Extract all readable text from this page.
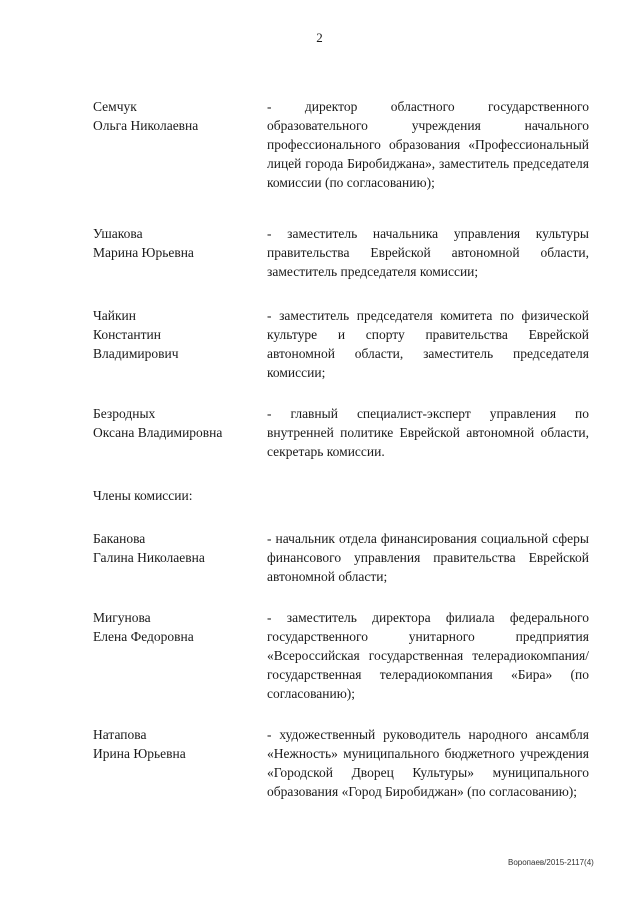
2
Семчук
Ольга Николаевна
- директор областного государственного образовательного учреждения начального профессионального образования «Профессиональный лицей города Биробиджана», заместитель председателя комиссии (по согласованию);
Ушакова
Марина Юрьевна
- заместитель начальника управления культуры правительства Еврейской автономной области, заместитель председателя комиссии;
Чайкин
Константин
Владимирович
- заместитель председателя комитета по физической культуре и спорту правительства Еврейской автономной области, заместитель председателя комиссии;
Безродных
Оксана Владимировна
- главный специалист-эксперт управления по внутренней политике Еврейской автономной области, секретарь комиссии.
Члены комиссии:
Баканова
Галина Николаевна
- начальник отдела финансирования социальной сферы финансового управления правительства Еврейской автономной области;
Мигунова
Елена Федоровна
- заместитель директора филиала федерального государственного унитарного предприятия «Всероссийская государственная телерадиокомпания/ государственная телерадиокомпания «Бира» (по согласованию);
Натапова
Ирина Юрьевна
- художественный руководитель народного ансамбля «Нежность» муниципального бюджетного учреждения «Городской Дворец Культуры» муниципального образования «Город Биробиджан» (по согласованию);
Воропаев/2015-2117(4)
